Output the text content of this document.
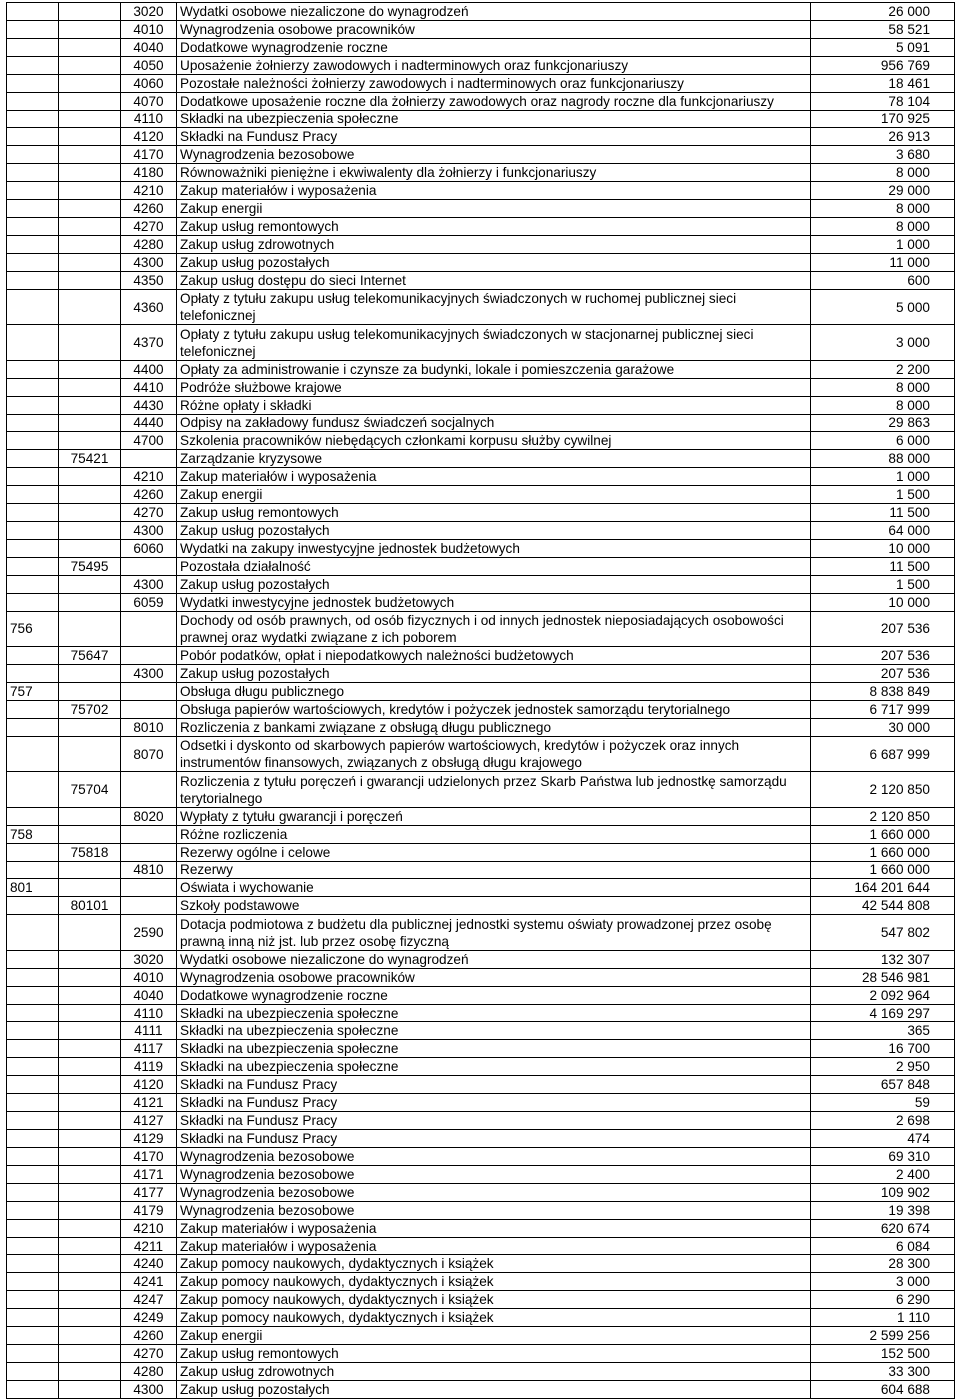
		3020	Wydatki osobowe niezaliczone do wynagrodzeń	26 000
		4010	Wynagrodzenia osobowe pracowników	58 521
		4040	Dodatkowe wynagrodzenie roczne	5 091
		4050	Uposażenie żołnierzy zawodowych i nadterminowych oraz funkcjonariuszy	956 769
		4060	Pozostałe należności żołnierzy zawodowych i nadterminowych oraz funkcjonariuszy	18 461
		4070	Dodatkowe uposażenie roczne dla żołnierzy zawodowych oraz nagrody roczne dla funkcjonariuszy	78 104
		4110	Składki na ubezpieczenia społeczne	170 925
		4120	Składki na Fundusz Pracy	26 913
		4170	Wynagrodzenia bezosobowe	3 680
		4180	Równoważniki pieniężne i ekwiwalenty dla żołnierzy i funkcjonariuszy	8 000
		4210	Zakup materiałów i wyposażenia	29 000
		4260	Zakup energii	8 000
		4270	Zakup usług remontowych	8 000
		4280	Zakup usług zdrowotnych	1 000
		4300	Zakup usług pozostałych	11 000
		4350	Zakup usług dostępu do sieci Internet	600
		4360	Opłaty z tytułu zakupu usług telekomunikacyjnych świadczonych w ruchomej publicznej sieci telefonicznej	5 000
		4370	Opłaty z tytułu zakupu usług telekomunikacyjnych świadczonych w stacjonarnej publicznej sieci telefonicznej	3 000
		4400	Opłaty za administrowanie i czynsze za budynki, lokale i pomieszczenia garażowe	2 200
		4410	Podróże służbowe krajowe	8 000
		4430	Różne opłaty i składki	8 000
		4440	Odpisy na zakładowy fundusz świadczeń socjalnych	29 863
		4700	Szkolenia pracowników niebędących członkami korpusu służby cywilnej	6 000
	75421		Zarządzanie kryzysowe	88 000
		4210	Zakup materiałów i wyposażenia	1 000
		4260	Zakup energii	1 500
		4270	Zakup usług remontowych	11 500
		4300	Zakup usług pozostałych	64 000
		6060	Wydatki na zakupy inwestycyjne jednostek budżetowych	10 000
	75495		Pozostała działalność	11 500
		4300	Zakup usług pozostałych	1 500
		6059	Wydatki inwestycyjne jednostek budżetowych	10 000
756			Dochody od osób prawnych, od osób fizycznych i od innych jednostek nieposiadających osobowości prawnej oraz wydatki związane z ich poborem	207 536
	75647		Pobór podatków, opłat i niepodatkowych należności budżetowych	207 536
		4300	Zakup usług pozostałych	207 536
757			Obsługa długu publicznego	8 838 849
	75702		Obsługa papierów wartościowych, kredytów i pożyczek jednostek samorządu terytorialnego	6 717 999
		8010	Rozliczenia z bankami związane z obsługą długu publicznego	30 000
		8070	Odsetki i dyskonto od skarbowych papierów wartościowych, kredytów i pożyczek oraz innych instrumentów finansowych, związanych z obsługą długu krajowego	6 687 999
	75704		Rozliczenia z tytułu poręczeń i gwarancji udzielonych przez Skarb Państwa lub jednostkę samorządu terytorialnego	2 120 850
		8020	Wypłaty z tytułu gwarancji i poręczeń	2 120 850
758			Różne rozliczenia	1 660 000
	75818		Rezerwy ogólne i celowe	1 660 000
		4810	Rezerwy	1 660 000
801			Oświata i wychowanie	164 201 644
	80101		Szkoły podstawowe	42 544 808
		2590	Dotacja podmiotowa z budżetu dla publicznej jednostki systemu oświaty prowadzonej przez osobę prawną inną niż jst. lub przez osobę fizyczną	547 802
		3020	Wydatki osobowe niezaliczone do wynagrodzeń	132 307
		4010	Wynagrodzenia osobowe pracowników	28 546 981
		4040	Dodatkowe wynagrodzenie roczne	2 092 964
		4110	Składki na ubezpieczenia społeczne	4 169 297
		4111	Składki na ubezpieczenia społeczne	365
		4117	Składki na ubezpieczenia społeczne	16 700
		4119	Składki na ubezpieczenia społeczne	2 950
		4120	Składki na Fundusz Pracy	657 848
		4121	Składki na Fundusz Pracy	59
		4127	Składki na Fundusz Pracy	2 698
		4129	Składki na Fundusz Pracy	474
		4170	Wynagrodzenia bezosobowe	69 310
		4171	Wynagrodzenia bezosobowe	2 400
		4177	Wynagrodzenia bezosobowe	109 902
		4179	Wynagrodzenia bezosobowe	19 398
		4210	Zakup materiałów i wyposażenia	620 674
		4211	Zakup materiałów i wyposażenia	6 084
		4240	Zakup pomocy naukowych, dydaktycznych i książek	28 300
		4241	Zakup pomocy naukowych, dydaktycznych i książek	3 000
		4247	Zakup pomocy naukowych, dydaktycznych i książek	6 290
		4249	Zakup pomocy naukowych, dydaktycznych i książek	1 110
		4260	Zakup energii	2 599 256
		4270	Zakup usług remontowych	152 500
		4280	Zakup usług zdrowotnych	33 300
		4300	Zakup usług pozostałych	604 688
